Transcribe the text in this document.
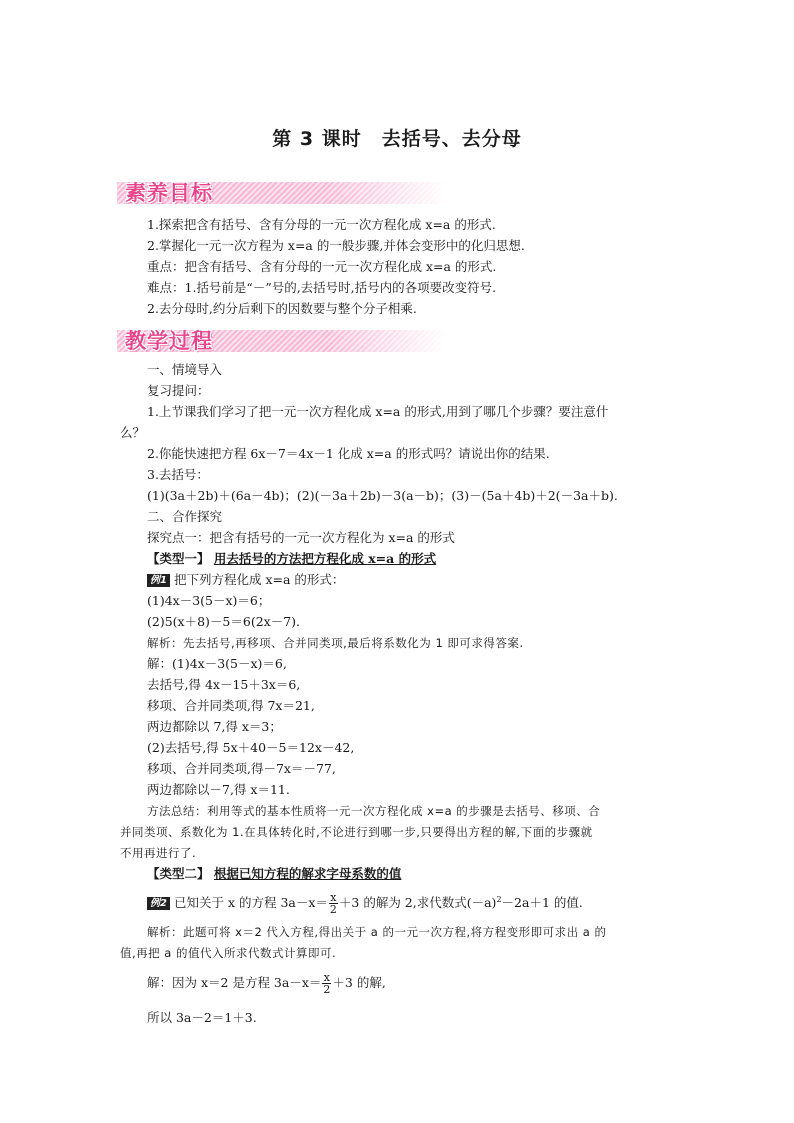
第 3 课时　去括号、去分母
素养目标
1.探索把含有括号、含有分母的一元一次方程化成 x=a 的形式.
2.掌握化一元一次方程为 x=a 的一般步骤,并体会变形中的化归思想.
重点：把含有括号、含有分母的一元一次方程化成 x=a 的形式.
难点：1.括号前是“－”号的,去括号时,括号内的各项要改变符号.
2.去分母时,约分后剩下的因数要与整个分子相乘.
教学过程
一、情境导入
复习提问：
1.上节课我们学习了把一元一次方程化成 x=a 的形式,用到了哪几个步骤？要注意什
么？
2.你能快速把方程 6x－7＝4x－1 化成 x=a 的形式吗？请说出你的结果.
3.去括号：
(1)(3a＋2b)＋(6a－4b)；(2)(－3a＋2b)－3(a－b)；(3)－(5a＋4b)＋2(－3a＋b).
二、合作探究
探究点一：把含有括号的一元一次方程化为 x=a 的形式
【类型一】 用去括号的方法把方程化成 x=a 的形式
例1 把下列方程化成 x=a 的形式：
(1)4x－3(5－x)＝6；
(2)5(x＋8)－5＝6(2x－7).
解析：先去括号,再移项、合并同类项,最后将系数化为 1 即可求得答案.
解：(1)4x－3(5－x)＝6,
去括号,得 4x－15＋3x＝6,
移项、合并同类项,得 7x＝21,
两边都除以 7,得 x＝3；
(2)去括号,得 5x＋40－5＝12x－42,
移项、合并同类项,得－7x＝－77,
两边都除以－7,得 x＝11.
方法总结：利用等式的基本性质将一元一次方程化成 x=a 的步骤是去括号、移项、合
并同类项、系数化为 1.在具体转化时,不论进行到哪一步,只要得出方程的解,下面的步骤就
不用再进行了.
【类型二】 根据已知方程的解求字母系数的值
例2 已知关于 x 的方程 $3a-x= \frac{x}{2} +3$ 的解为 2,求代数式$(-a)^2-2a+1$ 的值.
解析：此题可将 x＝2 代入方程,得出关于 a 的一元一次方程,将方程变形即可求出 a 的
值,再把 a 的值代入所求代数式计算即可.
解：因为 x＝2 是方程 $3a-x= \frac{x}{2} +3$ 的解,
所以 3a－2＝1＋3.
